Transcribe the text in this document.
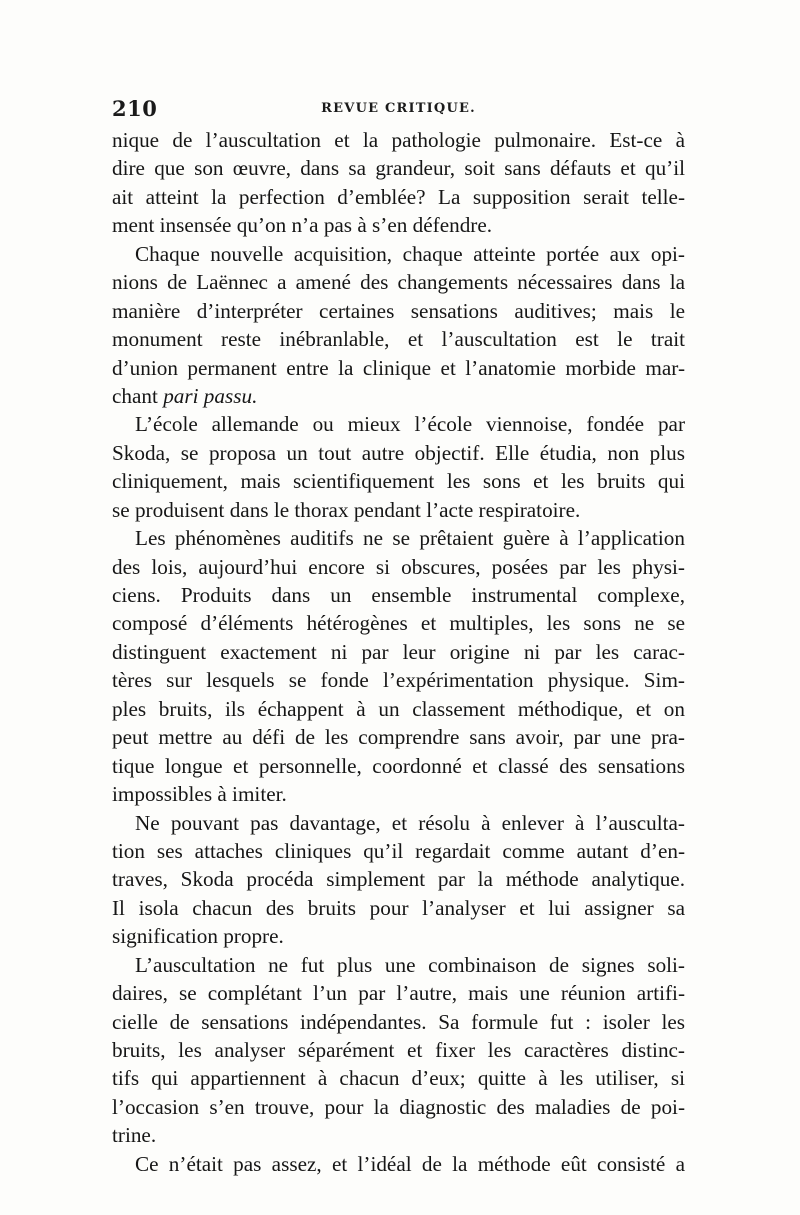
210	REVUE CRITIQUE.
nique de l’auscultation et la pathologie pulmonaire. Est-ce à
dire que son œuvre, dans sa grandeur, soit sans défauts et qu’il
ait atteint la perfection d’emblée? La supposition serait telle-
ment insensée qu’on n’a pas à s’en défendre.
Chaque nouvelle acquisition, chaque atteinte portée aux opi-
nions de Laënnec a amené des changements nécessaires dans la
manière d’interpréter certaines sensations auditives; mais le
monument reste inébranlable, et l’auscultation est le trait
d’union permanent entre la clinique et l’anatomie morbide mar-
chant pari passu.
L’école allemande ou mieux l’école viennoise, fondée par
Skoda, se proposa un tout autre objectif. Elle étudia, non plus
cliniquement, mais scientifiquement les sons et les bruits qui
se produisent dans le thorax pendant l’acte respiratoire.
Les phénomènes auditifs ne se prêtaient guère à l’application
des lois, aujourd’hui encore si obscures, posées par les physi-
ciens. Produits dans un ensemble instrumental complexe,
composé d’éléments hétérogènes et multiples, les sons ne se
distinguent exactement ni par leur origine ni par les carac-
tères sur lesquels se fonde l’expérimentation physique. Sim-
ples bruits, ils échappent à un classement méthodique, et on
peut mettre au défi de les comprendre sans avoir, par une pra-
tique longue et personnelle, coordonné et classé des sensations
impossibles à imiter.
Ne pouvant pas davantage, et résolu à enlever à l’ausculta-
tion ses attaches cliniques qu’il regardait comme autant d’en-
traves, Skoda procéda simplement par la méthode analytique.
Il isola chacun des bruits pour l’analyser et lui assigner sa
signification propre.
L’auscultation ne fut plus une combinaison de signes soli-
daires, se complétant l’un par l’autre, mais une réunion artifi-
cielle de sensations indépendantes. Sa formule fut : isoler les
bruits, les analyser séparément et fixer les caractères distinc-
tifs qui appartiennent à chacun d’eux; quitte à les utiliser, si
l’occasion s’en trouve, pour la diagnostic des maladies de poi-
trine.
Ce n’était pas assez, et l’idéal de la méthode eût consisté a
